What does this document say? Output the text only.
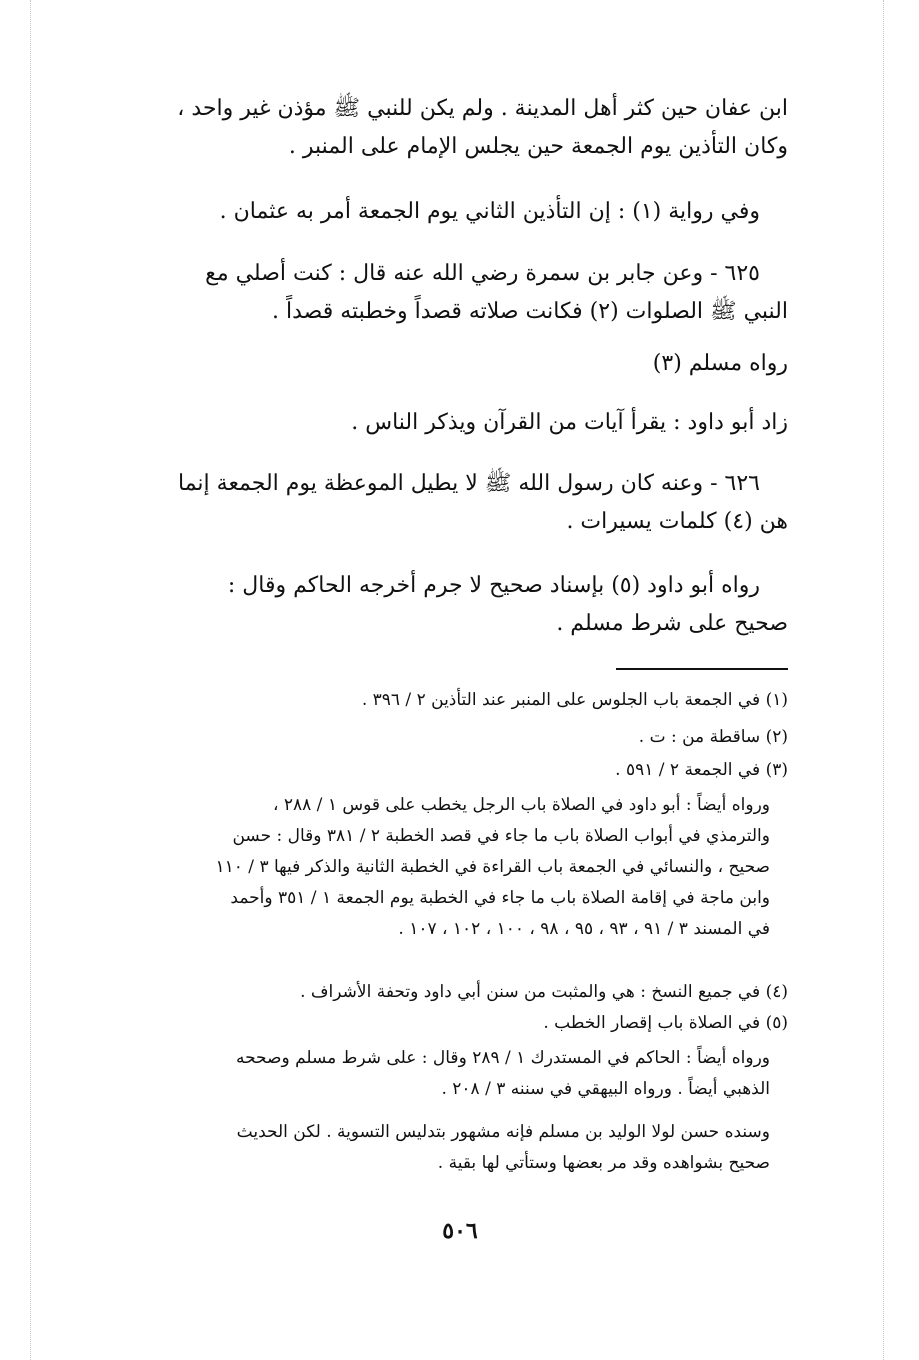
ابن عفان حين كثر أهل المدينة . ولم يكن للنبي ﷺ مؤذن غير واحد ،
وكان التأذين يوم الجمعة حين يجلس الإمام على المنبر .
وفي رواية (١) : إن التأذين الثاني يوم الجمعة أمر به عثمان .
٦٢٥ - وعن جابر بن سمرة رضي الله عنه قال : كنت أصلي مع
النبي ﷺ الصلوات (٢) فكانت صلاته قصداً وخطبته قصداً .
رواه مسلم (٣)
زاد أبو داود : يقرأ آيات من القرآن ويذكر الناس .
٦٢٦ - وعنه كان رسول الله ﷺ لا يطيل الموعظة يوم الجمعة إنما
هن (٤) كلمات يسيرات .
رواه أبو داود (٥) بإسناد صحيح لا جرم أخرجه الحاكم وقال :
صحيح على شرط مسلم .
(١) في الجمعة باب الجلوس على المنبر عند التأذين ٢ / ٣٩٦ .
(٢) ساقطة من : ت .
(٣) في الجمعة ٢ / ٥٩١ .
ورواه أيضاً : أبو داود في الصلاة باب الرجل يخطب على قوس ١ / ٢٨٨ ،
والترمذي في أبواب الصلاة باب ما جاء في قصد الخطبة ٢ / ٣٨١ وقال : حسن
صحيح ، والنسائي في الجمعة باب القراءة في الخطبة الثانية والذكر فيها ٣ / ١١٠
وابن ماجة في إقامة الصلاة باب ما جاء في الخطبة يوم الجمعة ١ / ٣٥١ وأحمد
في المسند ٣ / ٩١ ، ٩٣ ، ٩٥ ، ٩٨ ، ١٠٠ ، ١٠٢ ، ١٠٧ .
(٤) في جميع النسخ : هي والمثبت من سنن أبي داود وتحفة الأشراف .
(٥) في الصلاة باب إقصار الخطب .
ورواه أيضاً : الحاكم في المستدرك ١ / ٢٨٩ وقال : على شرط مسلم وصححه
الذهبي أيضاً . ورواه البيهقي في سننه ٣ / ٢٠٨ .
وسنده حسن لولا الوليد بن مسلم فإنه مشهور بتدليس التسوية . لكن الحديث
صحيح بشواهده وقد مر بعضها وستأتي لها بقية .
٥٠٦
